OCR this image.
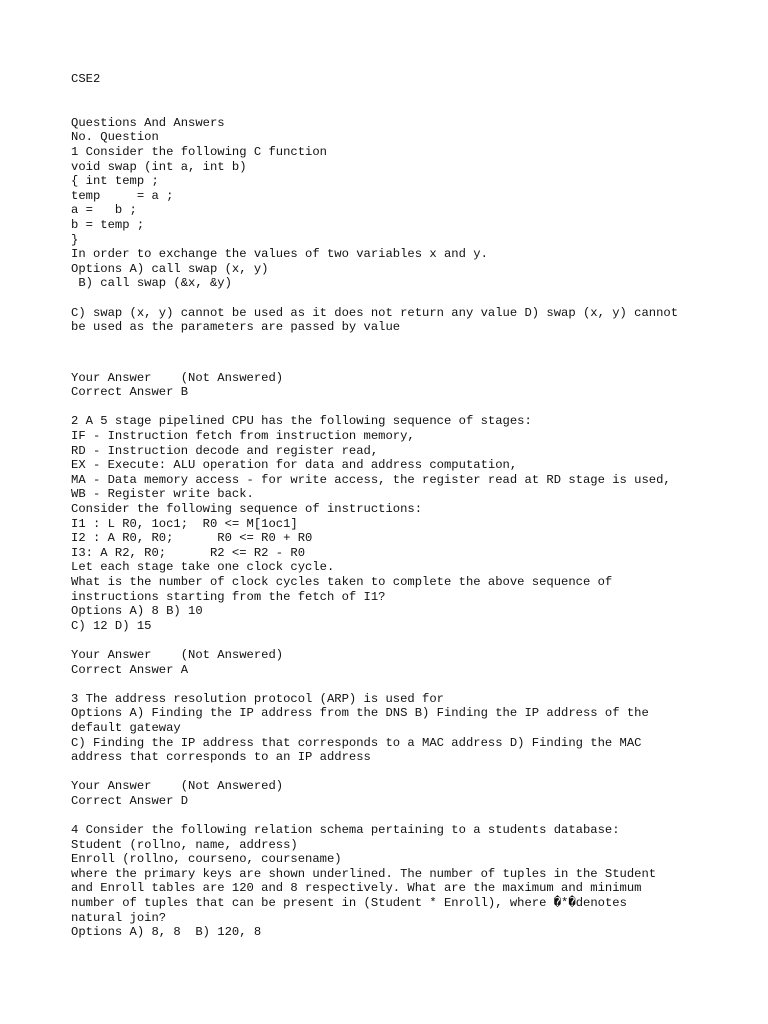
CSE2
Questions And Answers
No. Question
1 Consider the following C function
void swap (int a, int b)
{ int temp ;
temp     = a ;
a =   b ;
b = temp ;
}
In order to exchange the values of two variables x and y.
Options A) call swap (x, y)
B) call swap (&x, &y)
C) swap (x, y) cannot be used as it does not return any value D) swap (x, y) cannot
be used as the parameters are passed by value
Your Answer    (Not Answered)
Correct Answer B
2 A 5 stage pipelined CPU has the following sequence of stages:
IF - Instruction fetch from instruction memory,
RD - Instruction decode and register read,
EX - Execute: ALU operation for data and address computation,
MA - Data memory access - for write access, the register read at RD stage is used,
WB - Register write back.
Consider the following sequence of instructions:
I1 : L R0, 1oc1;  R0 <= M[1oc1]
I2 : A R0, R0;      R0 <= R0 + R0
I3: A R2, R0;      R2 <= R2 - R0
Let each stage take one clock cycle.
What is the number of clock cycles taken to complete the above sequence of
instructions starting from the fetch of I1?
Options A) 8 B) 10
C) 12 D) 15
Your Answer    (Not Answered)
Correct Answer A
3 The address resolution protocol (ARP) is used for
Options A) Finding the IP address from the DNS B) Finding the IP address of the
default gateway
C) Finding the IP address that corresponds to a MAC address D) Finding the MAC
address that corresponds to an IP address
Your Answer    (Not Answered)
Correct Answer D
4 Consider the following relation schema pertaining to a students database:
Student (rollno, name, address)
Enroll (rollno, courseno, coursename)
where the primary keys are shown underlined. The number of tuples in the Student
and Enroll tables are 120 and 8 respectively. What are the maximum and minimum
number of tuples that can be present in (Student * Enroll), where �*�denotes
natural join?
Options A) 8, 8  B) 120, 8
